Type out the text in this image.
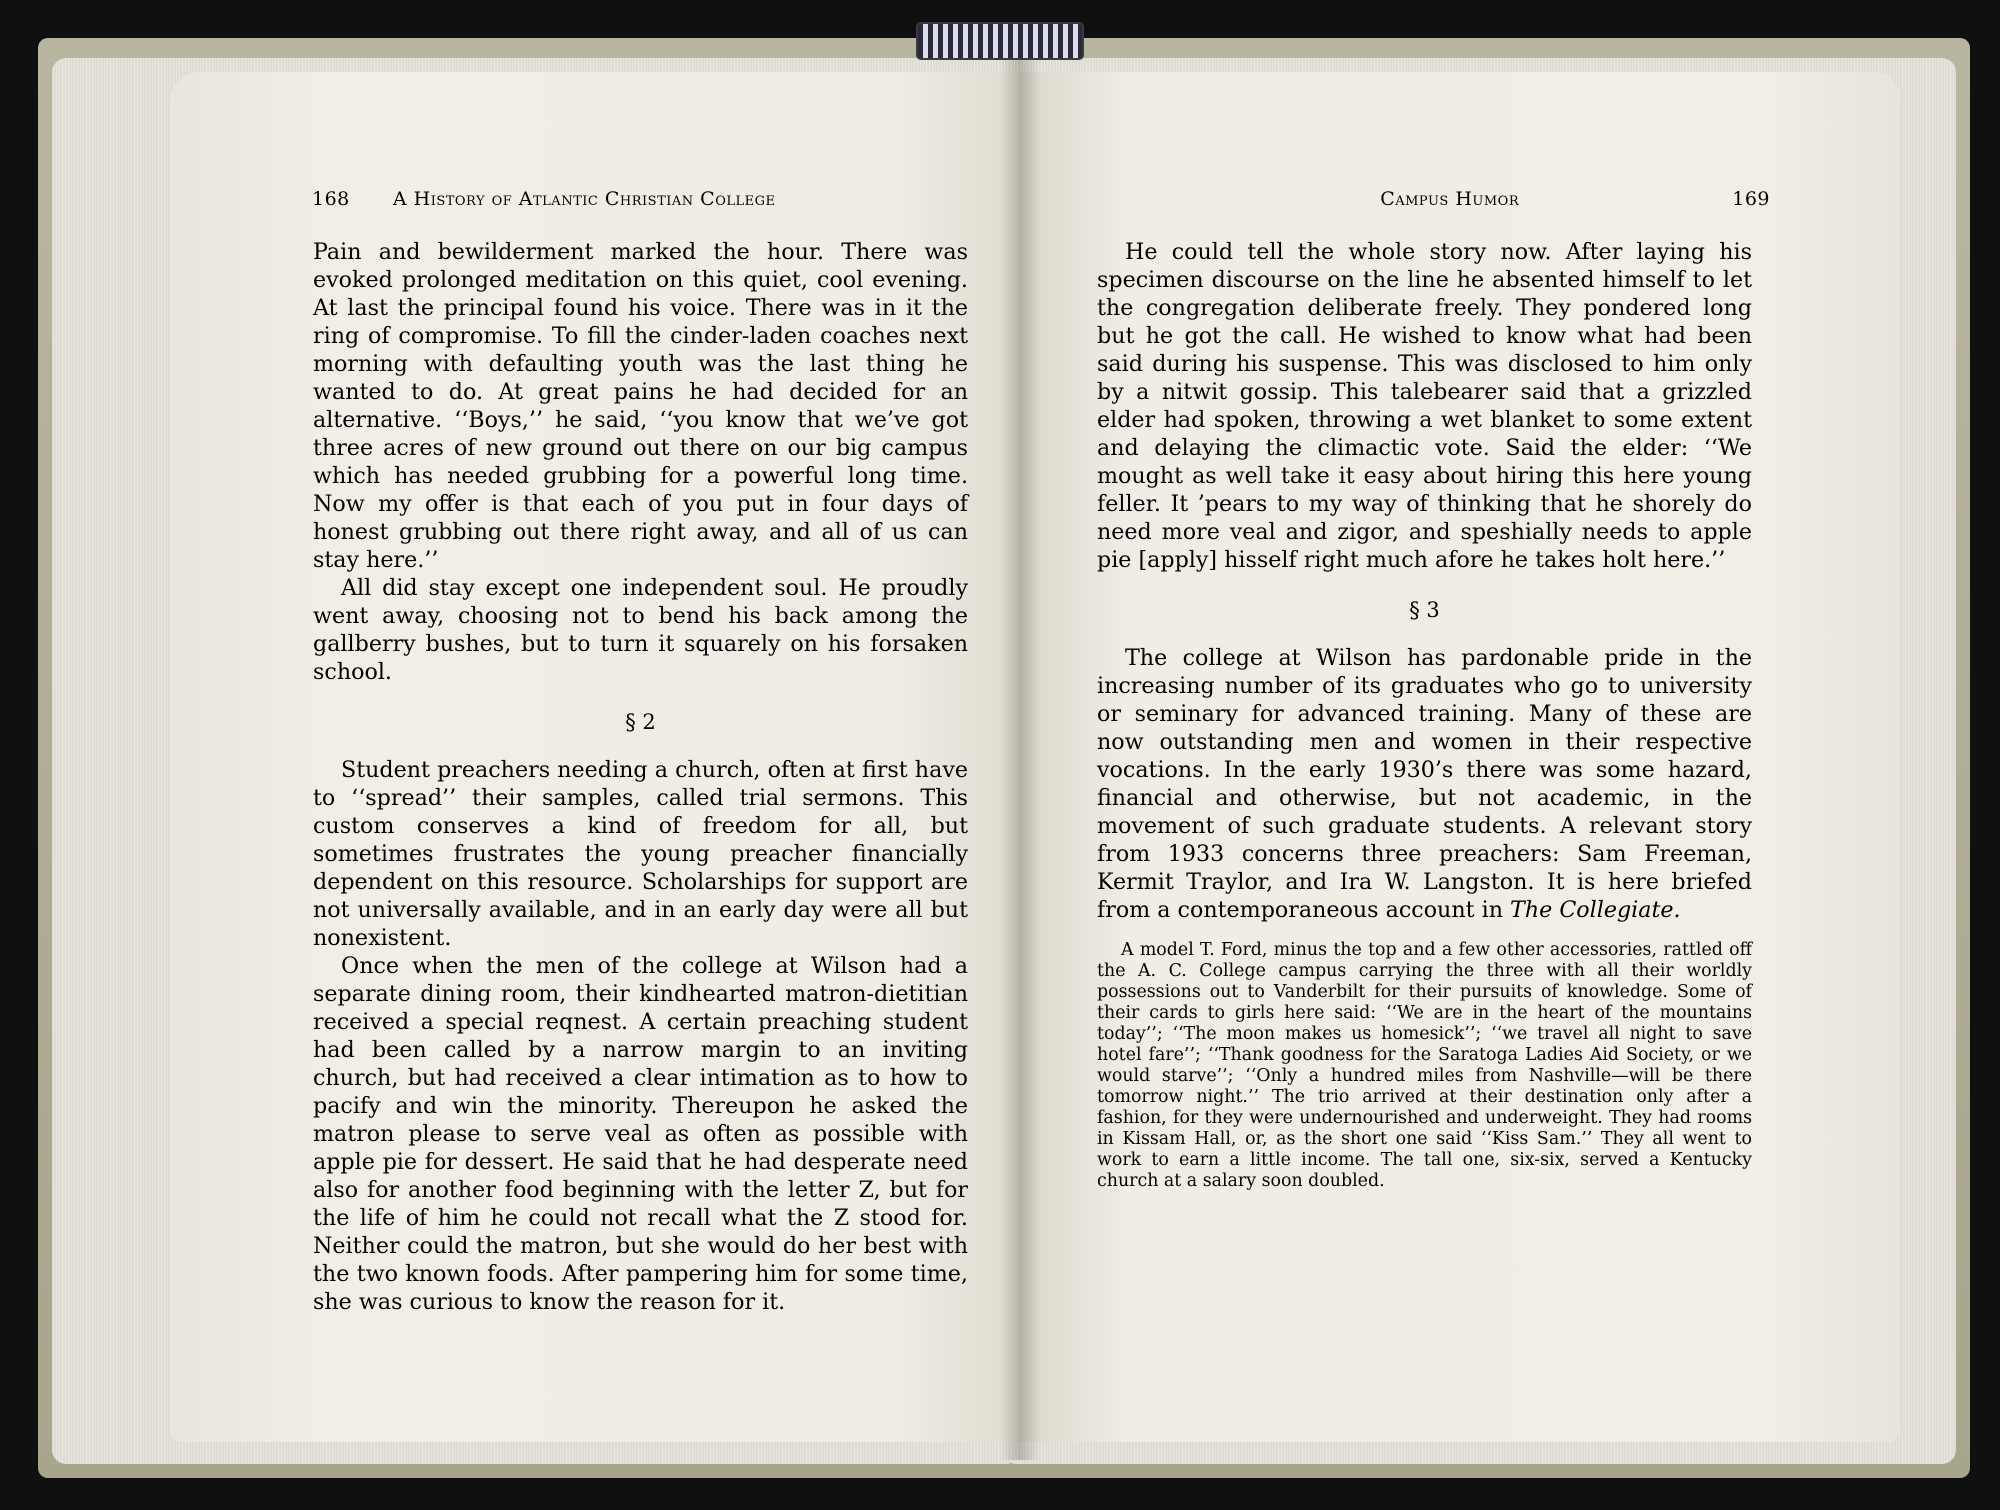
168 A History of Atlantic Christian College

Pain and bewilderment marked the hour. There was evoked prolonged meditation on this quiet, cool evening. At last the principal found his voice. There was in it the ring of compromise. To fill the cinder-laden coaches next morning with defaulting youth was the last thing he wanted to do. At great pains he had decided for an alternative. ‘‘Boys,’’ he said, ‘‘you know that we’ve got three acres of new ground out there on our big campus which has needed grubbing for a powerful long time. Now my offer is that each of you put in four days of honest grubbing out there right away, and all of us can stay here.’’

All did stay except one independent soul. He proudly went away, choosing not to bend his back among the gallberry bushes, but to turn it squarely on his forsaken school.

§ 2

Student preachers needing a church, often at first have to ‘‘spread’’ their samples, called trial sermons. This custom conserves a kind of freedom for all, but sometimes frustrates the young preacher financially dependent on this resource. Scholarships for support are not universally available, and in an early day were all but nonexistent.

Once when the men of the college at Wilson had a separate dining room, their kindhearted matron-dietitian received a special reqnest. A certain preaching student had been called by a narrow margin to an inviting church, but had received a clear intimation as to how to pacify and win the minority. Thereupon he asked the matron please to serve veal as often as possible with apple pie for dessert. He said that he had desperate need also for another food beginning with the letter Z, but for the life of him he could not recall what the Z stood for. Neither could the matron, but she would do her best with the two known foods. After pampering him for some time, she was curious to know the reason for it.

Campus Humor	169

He could tell the whole story now. After laying his specimen discourse on the line he absented himself to let the congregation deliberate freely. They pondered long but he got the call. He wished to know what had been said during his suspense. This was disclosed to him only by a nitwit gossip. This talebearer said that a grizzled elder had spoken, throwing a wet blanket to some extent and delaying the climactic vote. Said the elder: ‘‘We mought as well take it easy about hiring this here young feller. It ’pears to my way of thinking that he shorely do need more veal and zigor, and speshially needs to apple pie [apply] hisself right much afore he takes holt here.’’

§ 3

The college at Wilson has pardonable pride in the increasing number of its graduates who go to university or seminary for advanced training. Many of these are now outstanding men and women in their respective vocations. In the early 1930’s there was some hazard, financial and otherwise, but not academic, in the movement of such graduate students. A relevant story from 1933 concerns three preachers: Sam Freeman, Kermit Traylor, and Ira W. Langston. It is here briefed from a contemporaneous account in The Collegiate.

A model T. Ford, minus the top and a few other accessories, rattled off the A. C. College campus carrying the three with all their worldly possessions out to Vanderbilt for their pursuits of knowledge. Some of their cards to girls here said: ‘‘We are in the heart of the mountains today’’; ‘‘The moon makes us homesick’’; ‘‘we travel all night to save hotel fare’’; ‘‘Thank goodness for the Saratoga Ladies Aid Society, or we would starve’’; ‘‘Only a hundred miles from Nashville—will be there tomorrow night.’’ The trio arrived at their destination only after a fashion, for they were undernourished and underweight. They had rooms in Kissam Hall, or, as the short one said ‘‘Kiss Sam.’’ They all went to work to earn a little income. The tall one, six-six, served a Kentucky church at a salary soon doubled.
